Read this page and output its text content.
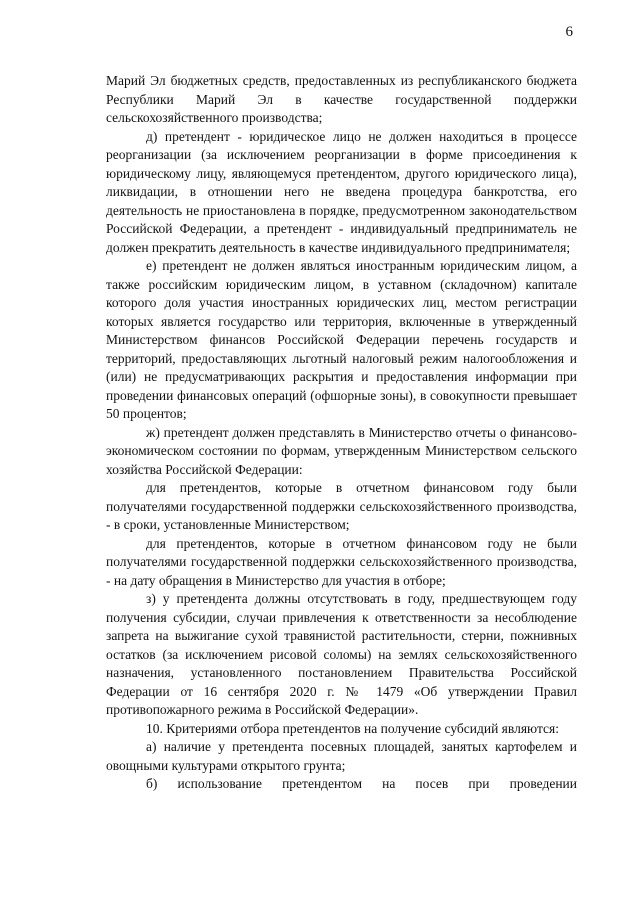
6

Марий Эл бюджетных средств, предоставленных из республиканского бюджета Республики Марий Эл в качестве государственной поддержки сельскохозяйственного производства;

д) претендент - юридическое лицо не должен находиться в процессе реорганизации (за исключением реорганизации в форме присоединения к юридическому лицу, являющемуся претендентом, другого юридического лица), ликвидации, в отношении него не введена процедура банкротства, его деятельность не приостановлена в порядке, предусмотренном законодательством Российской Федерации, а претендент - индивидуальный предприниматель не должен прекратить деятельность в качестве индивидуального предпринимателя;

е) претендент не должен являться иностранным юридическим лицом, а также российским юридическим лицом, в уставном (складочном) капитале которого доля участия иностранных юридических лиц, местом регистрации которых является государство или территория, включенные в утвержденный Министерством финансов Российской Федерации перечень государств и территорий, предоставляющих льготный налоговый режим налогообложения и (или) не предусматривающих раскрытия и предоставления информации при проведении финансовых операций (офшорные зоны), в совокупности превышает 50 процентов;

ж) претендент должен представлять в Министерство отчеты о финансово-экономическом состоянии по формам, утвержденным Министерством сельского хозяйства Российской Федерации:

для претендентов, которые в отчетном финансовом году были получателями государственной поддержки сельскохозяйственного производства, - в сроки, установленные Министерством;

для претендентов, которые в отчетном финансовом году не были получателями государственной поддержки сельскохозяйственного производства, - на дату обращения в Министерство для участия в отборе;

з) у претендента должны отсутствовать в году, предшествующем году получения субсидии, случаи привлечения к ответственности за несоблюдение запрета на выжигание сухой травянистой растительности, стерни, пожнивных остатков (за исключением рисовой соломы) на землях сельскохозяйственного назначения, установленного постановлением Правительства Российской Федерации от 16 сентября 2020 г. № 1479 «Об утверждении Правил противопожарного режима в Российской Федерации».

10. Критериями отбора претендентов на получение субсидий являются:

а) наличие у претендента посевных площадей, занятых картофелем и овощными культурами открытого грунта;

б) использование претендентом на посев при проведении
